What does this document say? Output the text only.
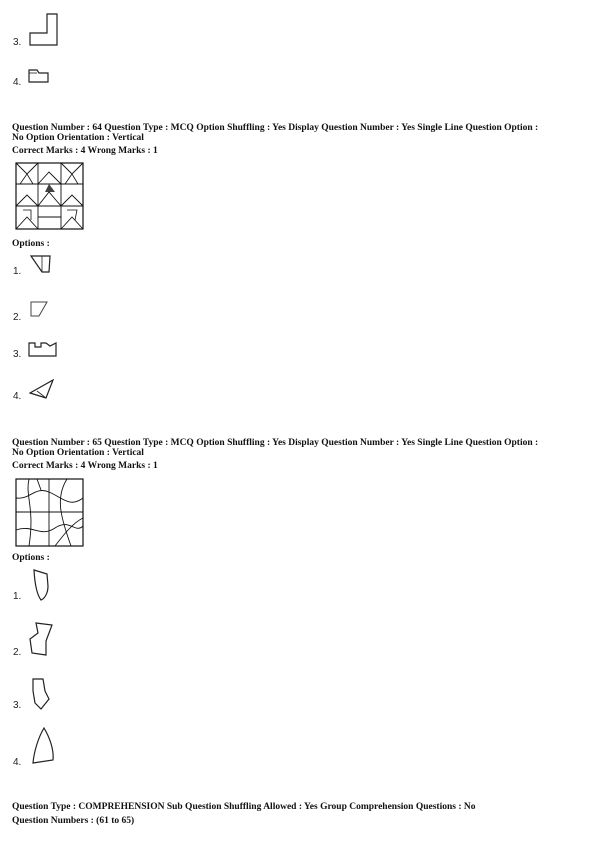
3.
4.
Question Number : 64 Question Type : MCQ Option Shuffling : Yes Display Question Number : Yes Single Line Question Option :
No Option Orientation : Vertical
Correct Marks : 4 Wrong Marks : 1
Options :
1.
2.
3.
4.
Question Number : 65 Question Type : MCQ Option Shuffling : Yes Display Question Number : Yes Single Line Question Option :
No Option Orientation : Vertical
Correct Marks : 4 Wrong Marks : 1
Options :
1.
2.
3.
4.
Question Type : COMPREHENSION Sub Question Shuffling Allowed : Yes Group Comprehension Questions : No
Question Numbers : (61 to 65)
